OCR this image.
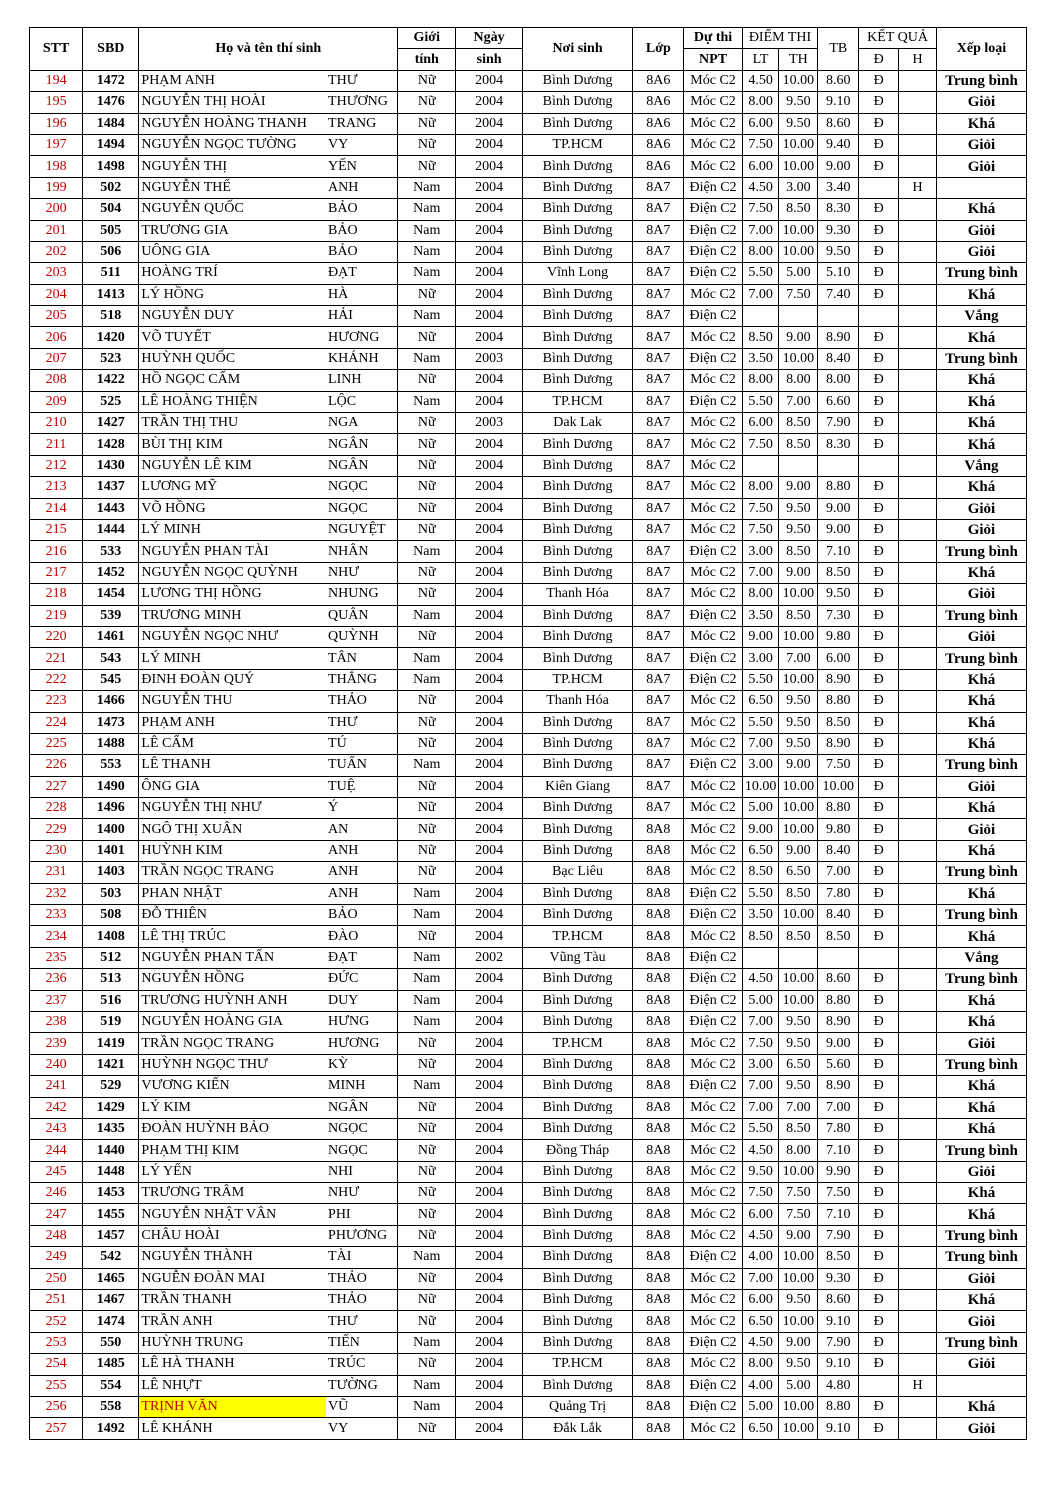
STT	SBD	Họ và tên thí sinh		Giới	Ngày	Nơi sinh	Lớp	Dự thi	ĐIỂM THI		TB	KẾT QUẢ		Xếp loại
				tính	sinh			NPT	LT	TH		Đ	H	
194	1472	PHẠM ANH	THƯ	Nữ	2004	Bình Dương	8A6	Móc C2	4.50	10.00	8.60	Đ		Trung bình
195	1476	NGUYỄN THỊ HOÀI	THƯƠNG	Nữ	2004	Bình Dương	8A6	Móc C2	8.00	9.50	9.10	Đ		Giỏi
196	1484	NGUYỄN HOÀNG THANH	TRANG	Nữ	2004	Bình Dương	8A6	Móc C2	6.00	9.50	8.60	Đ		Khá
197	1494	NGUYỄN NGỌC TƯỜNG	VY	Nữ	2004	TP.HCM	8A6	Móc C2	7.50	10.00	9.40	Đ		Giỏi
198	1498	NGUYỄN THỊ	YẾN	Nữ	2004	Bình Dương	8A6	Móc C2	6.00	10.00	9.00	Đ		Giỏi
199	502	NGUYỄN THẾ	ANH	Nam	2004	Bình Dương	8A7	Điện C2	4.50	3.00	3.40		H	
200	504	NGUYỄN QUỐC	BẢO	Nam	2004	Bình Dương	8A7	Điện C2	7.50	8.50	8.30	Đ		Khá
201	505	TRƯƠNG GIA	BẢO	Nam	2004	Bình Dương	8A7	Điện C2	7.00	10.00	9.30	Đ		Giỏi
202	506	UÔNG GIA	BẢO	Nam	2004	Bình Dương	8A7	Điện C2	8.00	10.00	9.50	Đ		Giỏi
203	511	HOÀNG TRÍ	ĐẠT	Nam	2004	Vĩnh Long	8A7	Điện C2	5.50	5.00	5.10	Đ		Trung bình
204	1413	LÝ HỒNG	HÀ	Nữ	2004	Bình Dương	8A7	Móc C2	7.00	7.50	7.40	Đ		Khá
205	518	NGUYỄN DUY	HẢI	Nam	2004	Bình Dương	8A7	Điện C2						Vắng
206	1420	VÕ TUYẾT	HƯƠNG	Nữ	2004	Bình Dương	8A7	Móc C2	8.50	9.00	8.90	Đ		Khá
207	523	HUỲNH QUỐC	KHÁNH	Nam	2003	Bình Dương	8A7	Điện C2	3.50	10.00	8.40	Đ		Trung bình
208	1422	HỒ NGỌC CẨM	LINH	Nữ	2004	Bình Dương	8A7	Móc C2	8.00	8.00	8.00	Đ		Khá
209	525	LÊ HOÀNG THIỆN	LỘC	Nam	2004	TP.HCM	8A7	Điện C2	5.50	7.00	6.60	Đ		Khá
210	1427	TRẦN THỊ THU	NGA	Nữ	2003	Dak Lak	8A7	Móc C2	6.00	8.50	7.90	Đ		Khá
211	1428	BÙI THỊ KIM	NGÂN	Nữ	2004	Bình Dương	8A7	Móc C2	7.50	8.50	8.30	Đ		Khá
212	1430	NGUYỄN LÊ KIM	NGÂN	Nữ	2004	Bình Dương	8A7	Móc C2						Vắng
213	1437	LƯƠNG MỸ	NGỌC	Nữ	2004	Bình Dương	8A7	Móc C2	8.00	9.00	8.80	Đ		Khá
214	1443	VÕ HỒNG	NGỌC	Nữ	2004	Bình Dương	8A7	Móc C2	7.50	9.50	9.00	Đ		Giỏi
215	1444	LÝ MINH	NGUYỆT	Nữ	2004	Bình Dương	8A7	Móc C2	7.50	9.50	9.00	Đ		Giỏi
216	533	NGUYỄN PHAN TÀI	NHÂN	Nam	2004	Bình Dương	8A7	Điện C2	3.00	8.50	7.10	Đ		Trung bình
217	1452	NGUYỄN NGỌC QUỲNH	NHƯ	Nữ	2004	Bình Dương	8A7	Móc C2	7.00	9.00	8.50	Đ		Khá
218	1454	LƯƠNG THỊ HỒNG	NHUNG	Nữ	2004	Thanh Hóa	8A7	Móc C2	8.00	10.00	9.50	Đ		Giỏi
219	539	TRƯƠNG MINH	QUÂN	Nam	2004	Bình Dương	8A7	Điện C2	3.50	8.50	7.30	Đ		Trung bình
220	1461	NGUYỄN NGỌC NHƯ	QUỲNH	Nữ	2004	Bình Dương	8A7	Móc C2	9.00	10.00	9.80	Đ		Giỏi
221	543	LÝ MINH	TÂN	Nam	2004	Bình Dương	8A7	Điện C2	3.00	7.00	6.00	Đ		Trung bình
222	545	ĐINH ĐOÀN QUÝ	THẮNG	Nam	2004	TP.HCM	8A7	Điện C2	5.50	10.00	8.90	Đ		Khá
223	1466	NGUYỄN THU	THẢO	Nữ	2004	Thanh Hóa	8A7	Móc C2	6.50	9.50	8.80	Đ		Khá
224	1473	PHẠM ANH	THƯ	Nữ	2004	Bình Dương	8A7	Móc C2	5.50	9.50	8.50	Đ		Khá
225	1488	LÊ CẨM	TÚ	Nữ	2004	Bình Dương	8A7	Móc C2	7.00	9.50	8.90	Đ		Khá
226	553	LÊ THANH	TUẤN	Nam	2004	Bình Dương	8A7	Điện C2	3.00	9.00	7.50	Đ		Trung bình
227	1490	ÔNG GIA	TUỆ	Nữ	2004	Kiên Giang	8A7	Móc C2	10.00	10.00	10.00	Đ		Giỏi
228	1496	NGUYỄN THỊ NHƯ	Ý	Nữ	2004	Bình Dương	8A7	Móc C2	5.00	10.00	8.80	Đ		Khá
229	1400	NGÔ THỊ XUÂN	AN	Nữ	2004	Bình Dương	8A8	Móc C2	9.00	10.00	9.80	Đ		Giỏi
230	1401	HUỲNH KIM	ANH	Nữ	2004	Bình Dương	8A8	Móc C2	6.50	9.00	8.40	Đ		Khá
231	1403	TRẦN NGỌC TRANG	ANH	Nữ	2004	Bạc Liêu	8A8	Móc C2	8.50	6.50	7.00	Đ		Trung bình
232	503	PHAN NHẬT	ANH	Nam	2004	Bình Dương	8A8	Điện C2	5.50	8.50	7.80	Đ		Khá
233	508	ĐỖ THIÊN	BẢO	Nam	2004	Bình Dương	8A8	Điện C2	3.50	10.00	8.40	Đ		Trung bình
234	1408	LÊ THỊ TRÚC	ĐÀO	Nữ	2004	TP.HCM	8A8	Móc C2	8.50	8.50	8.50	Đ		Khá
235	512	NGUYỄN PHAN TẤN	ĐẠT	Nam	2002	Vũng Tàu	8A8	Điện C2						Vắng
236	513	NGUYỄN HỒNG	ĐỨC	Nam	2004	Bình Dương	8A8	Điện C2	4.50	10.00	8.60	Đ		Trung bình
237	516	TRƯƠNG HUỲNH ANH	DUY	Nam	2004	Bình Dương	8A8	Điện C2	5.00	10.00	8.80	Đ		Khá
238	519	NGUYỄN HOÀNG GIA	HƯNG	Nam	2004	Bình Dương	8A8	Điện C2	7.00	9.50	8.90	Đ		Khá
239	1419	TRẦN NGỌC TRANG	HƯƠNG	Nữ	2004	TP.HCM	8A8	Móc C2	7.50	9.50	9.00	Đ		Giỏi
240	1421	HUỲNH NGỌC THƯ	KỲ	Nữ	2004	Bình Dương	8A8	Móc C2	3.00	6.50	5.60	Đ		Trung bình
241	529	VƯƠNG KIẾN	MINH	Nam	2004	Bình Dương	8A8	Điện C2	7.00	9.50	8.90	Đ		Khá
242	1429	LÝ KIM	NGÂN	Nữ	2004	Bình Dương	8A8	Móc C2	7.00	7.00	7.00	Đ		Khá
243	1435	ĐOÀN HUỲNH BẢO	NGỌC	Nữ	2004	Bình Dương	8A8	Móc C2	5.50	8.50	7.80	Đ		Khá
244	1440	PHẠM THỊ KIM	NGỌC	Nữ	2004	Đồng Tháp	8A8	Móc C2	4.50	8.00	7.10	Đ		Trung bình
245	1448	LÝ YẾN	NHI	Nữ	2004	Bình Dương	8A8	Móc C2	9.50	10.00	9.90	Đ		Giỏi
246	1453	TRƯƠNG TRÂM	NHƯ	Nữ	2004	Bình Dương	8A8	Móc C2	7.50	7.50	7.50	Đ		Khá
247	1455	NGUYỄN NHẬT VÂN	PHI	Nữ	2004	Bình Dương	8A8	Móc C2	6.00	7.50	7.10	Đ		Khá
248	1457	CHÂU HOÀI	PHƯƠNG	Nữ	2004	Bình Dương	8A8	Móc C2	4.50	9.00	7.90	Đ		Trung bình
249	542	NGUYỄN THÀNH	TÀI	Nam	2004	Bình Dương	8A8	Điện C2	4.00	10.00	8.50	Đ		Trung bình
250	1465	NGUỄN ĐOÀN MAI	THẢO	Nữ	2004	Bình Dương	8A8	Móc C2	7.00	10.00	9.30	Đ		Giỏi
251	1467	TRẦN THANH	THẢO	Nữ	2004	Bình Dương	8A8	Móc C2	6.00	9.50	8.60	Đ		Khá
252	1474	TRẦN ANH	THƯ	Nữ	2004	Bình Dương	8A8	Móc C2	6.50	10.00	9.10	Đ		Giỏi
253	550	HUỲNH TRUNG	TIẾN	Nam	2004	Bình Dương	8A8	Điện C2	4.50	9.00	7.90	Đ		Trung bình
254	1485	LÊ HÀ THANH	TRÚC	Nữ	2004	TP.HCM	8A8	Móc C2	8.00	9.50	9.10	Đ		Giỏi
255	554	LÊ NHỰT	TƯỜNG	Nam	2004	Bình Dương	8A8	Điện C2	4.00	5.00	4.80		H	
256	558	TRỊNH VĂN	VŨ	Nam	2004	Quảng Trị	8A8	Điện C2	5.00	10.00	8.80	Đ		Khá
257	1492	LÊ KHÁNH	VY	Nữ	2004	Đắk Lắk	8A8	Móc C2	6.50	10.00	9.10	Đ		Giỏi
